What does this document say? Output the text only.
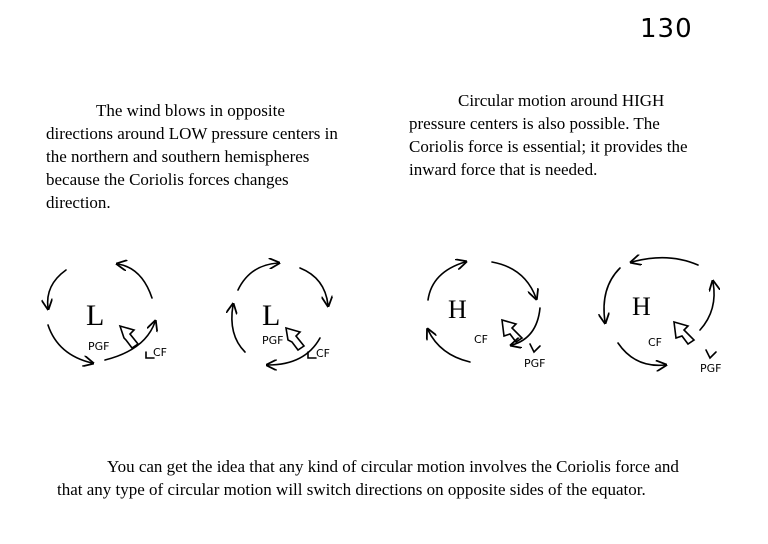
130

The wind blows in opposite directions around LOW pressure centers in the northern and southern hemispheres because the Coriolis forces changes direction.

Circular motion around HIGH pressure centers is also possible. The Coriolis force is essential; it provides the inward force that is needed.

You can get the idea that any kind of circular motion involves the Coriolis force and that any type of circular motion will switch directions on opposite sides of the equator.

L
PGF	CF
L
PGF
CF
H
CF
PGF
H
CF
PGF
